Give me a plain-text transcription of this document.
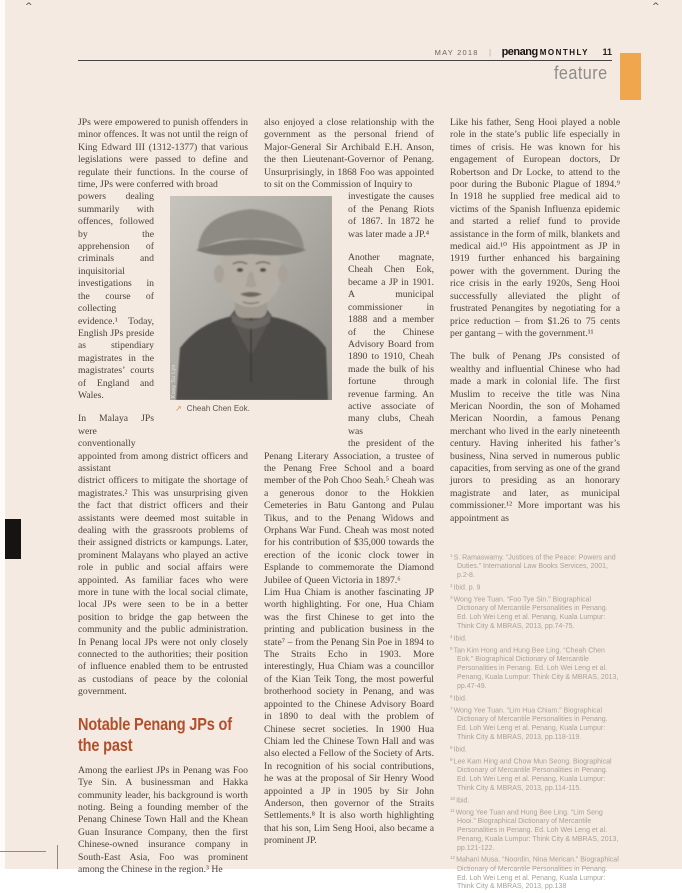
^	^
MAY 2018 | penang MONTHLY 11
feature
Koay Su Lyn
↗ Cheah Chen Eok.
JPs were empowered to punish offenders in minor offences. It was not until the reign of King Edward III (1312-1377) that various legislations were passed to define and regulate their functions. In the course of time, JPs were conferred with broad
powers dealing summarily with offences, followed by the apprehension of criminals and inquisitorial investigations in the course of collecting evidence.¹ Today, English JPs preside as stipendiary magistrates in the magistrates’ courts of England and Wales.
In Malaya JPs were conventionally appointed from among district officers and assistant
district officers to mitigate the shortage of magistrates.² This was unsurprising given the fact that district officers and their assistants were deemed most suitable in dealing with the grassroots problems of their assigned districts or kampungs. Later, prominent Malayans who played an active role in public and social affairs were appointed. As familiar faces who were more in tune with the local social climate, local JPs were seen to be in a better position to bridge the gap between the community and the public administration. In Penang local JPs were not only closely connected to the authorities; their position of influence enabled them to be entrusted as custodians of peace by the colonial government.
Notable Penang JPs of the past
Among the earliest JPs in Penang was Foo Tye Sin. A businessman and Hakka community leader, his background is worth noting. Being a founding member of the Penang Chinese Town Hall and the Khean Guan Insurance Company, then the first Chinese-owned insurance company in South-East Asia, Foo was prominent among the Chinese in the region.³ He
also enjoyed a close relationship with the government as the personal friend of Major-General Sir Archibald E.H. Anson, the then Lieutenant-Governor of Penang. Unsurprisingly, in 1868 Foo was appointed to sit on the Commission of Inquiry to
investigate the causes of the Penang Riots of 1867. In 1872 he was later made a JP.⁴
Another magnate, Cheah Chen Eok, became a JP in 1901. A municipal commissioner in 1888 and a member of the Chinese Advisory Board from 1890 to 1910, Cheah made the bulk of his fortune through revenue farming. An active associate of many clubs, Cheah was
the president of the Penang Literary Association, a trustee of the Penang Free School and a board member of the Poh Choo Seah.⁵ Cheah was a generous donor to the Hokkien Cemeteries in Batu Gantong and Pulau Tikus, and to the Penang Widows and Orphans War Fund. Cheah was most noted for his contribution of $35,000 towards the erection of the iconic clock tower in Esplande to commemorate the Diamond Jubilee of Queen Victoria in 1897.⁶
Lim Hua Chiam is another fascinating JP worth highlighting. For one, Hua Chiam was the first Chinese to get into the printing and publication business in the state⁷ – from the Penang Sin Poe in 1894 to The Straits Echo in 1903. More interestingly, Hua Chiam was a councillor of the Kian Teik Tong, the most powerful brotherhood society in Penang, and was appointed to the Chinese Advisory Board in 1890 to deal with the problem of Chinese secret societies. In 1900 Hua Chiam led the Chinese Town Hall and was also elected a Fellow of the Society of Arts. In recognition of his social contributions, he was at the proposal of Sir Henry Wood appointed a JP in 1905 by Sir John Anderson, then governor of the Straits Settlements.⁸ It is also worth highlighting that his son, Lim Seng Hooi, also became a prominent JP.
Like his father, Seng Hooi played a noble role in the state’s public life especially in times of crisis. He was known for his engagement of European doctors, Dr Robertson and Dr Locke, to attend to the poor during the Bubonic Plague of 1894.⁹ In 1918 he supplied free medical aid to victims of the Spanish Influenza epidemic and started a relief fund to provide assistance in the form of milk, blankets and medical aid.¹⁰ His appointment as JP in 1919 further enhanced his bargaining power with the government. During the rice crisis in the early 1920s, Seng Hooi successfully alleviated the plight of frustrated Penangites by negotiating for a price reduction – from $1.26 to 75 cents per gantang – with the government.¹¹
The bulk of Penang JPs consisted of wealthy and influential Chinese who had made a mark in colonial life. The first Muslim to receive the title was Nina Merican Noordin, the son of Mohamed Merican Noordin, a famous Penang merchant who lived in the early nineteenth century. Having inherited his father’s business, Nina served in numerous public capacities, from serving as one of the grand jurors to presiding as an honorary magistrate and later, as municipal commissioner.¹² More important was his appointment as
$^1$S. Ramaswamy. “Justices of the Peace: Powers and Duties.” International Law Books Services, 2001, p.2-8.
$^2$Ibid. p. 9
$^3$Wong Yee Tuan. “Foo Tye Sin.” Biographical Dictionary of Mercantile Personalities in Penang. Ed. Loh Wei Leng et al. Penang, Kuala Lumpur: Think City & MBRAS, 2013, pp.74-75.
$^4$Ibid.
$^5$Tan Kim Hong and Hung Bee Ling. “Cheah Chen Eok.” Biographical Dictionary of Mercantile Personalities in Penang. Ed. Loh Wei Leng et al. Penang, Kuala Lumpur: Think City & MBRAS, 2013, pp.47-49.
$^6$Ibid.
$^7$Wong Yee Tuan. “Lim Hua Chiam.” Biographical Dictionary of Mercantile Personalities in Penang. Ed. Loh Wei Leng et al. Penang, Kuala Lumpur: Think City & MBRAS, 2013, pp.118-119.
$^8$Ibid.
$^9$Lee Kam Hing and Chow Mun Seong. Biographical Dictionary of Mercantile Personalities in Penang. Ed. Loh Wei Leng et al. Penang, Kuala Lumpur: Think City & MBRAS, 2013, pp.114-115.
$^{10}$Ibid.
$^{11}$Wong Yee Tuan and Hung Bee Ling. “Lim Seng Hooi.” Biographical Dictionary of Mercantile Personalities in Penang. Ed. Loh Wei Leng et al. Penang, Kuala Lumpur: Think City & MBRAS, 2013, pp.121-122.
$^{12}$Mahani Musa. “Noordin, Nina Merican.” Biographical Dictionary of Mercantile Personalities in Penang. Ed. Loh Wei Leng et al. Penang, Kuala Lumpur: Think City & MBRAS, 2013, pp.138
